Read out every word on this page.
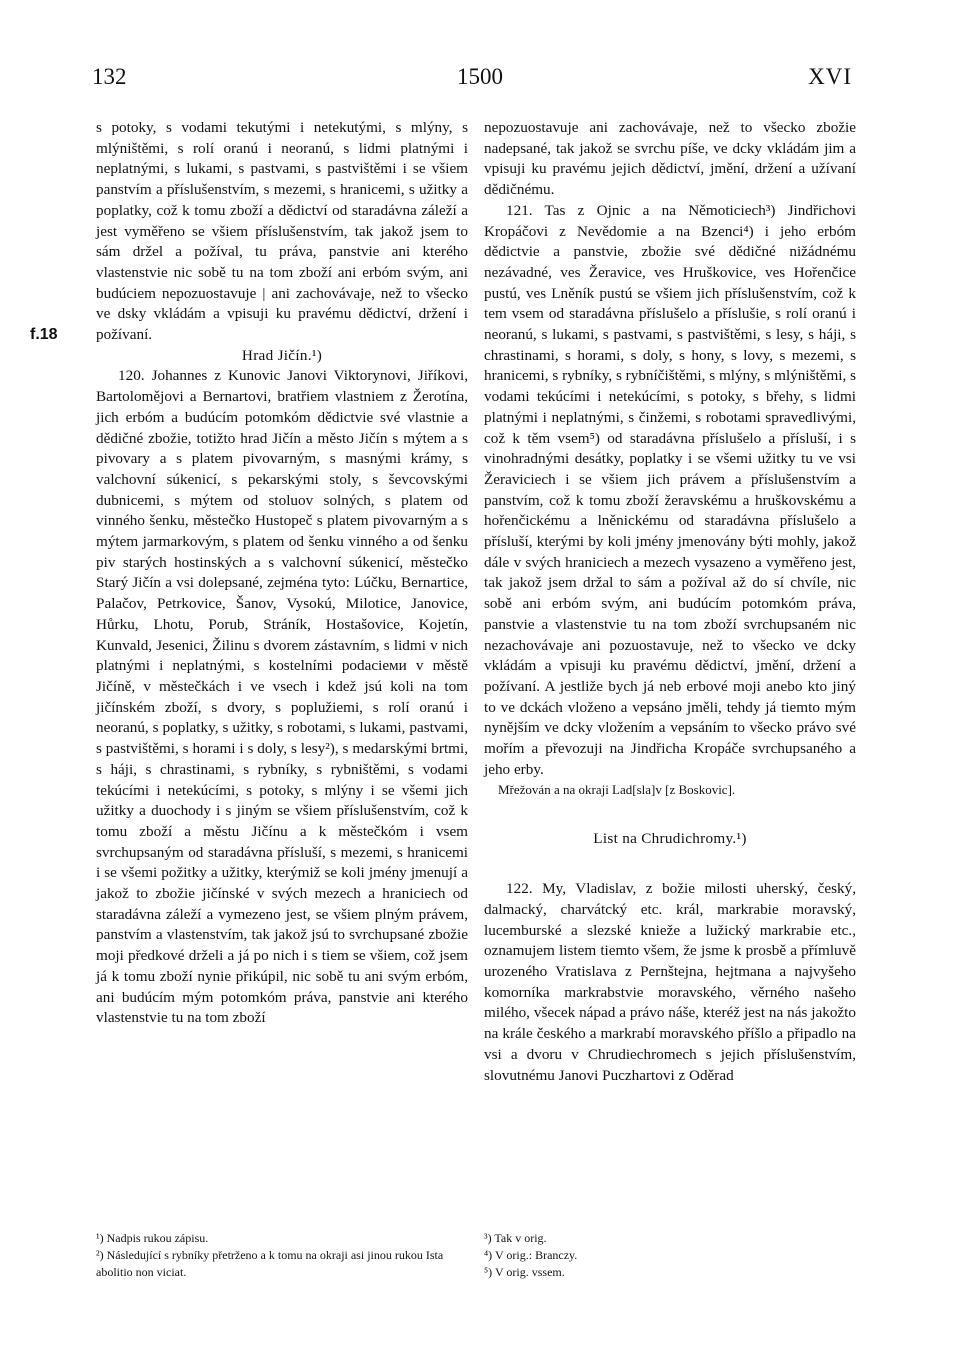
132	1500	XVI
f.18

s potoky, s vodami tekutými i netekutými, s mlýny, s mlýništěmi, s rolí oranú i neoranú, s lidmi platnými i neplatnými, s lukami, s pastvami, s pastvištěmi i se všiem panstvím a příslušenstvím, s mezemi, s hranicemi, s užitky a poplatky, což k tomu zboží a dědictví od staradávna záleží a jest vyměřeno se všiem příslušenstvím, tak jakož jsem to sám držel a požíval, tu práva, panstvie ani kterého vlastenstvie nic sobě tu na tom zboží ani erbóm svým, ani budúciem nepozuostavuje | ani zachovávaje, než to všecko ve dsky vkládám a vpisuji ku pravému dědictví, držení i požívaní.

Hrad Jičín.¹)

120. Johannes z Kunovic Janovi Viktorynovi, Jiříkovi, Bartolomějovi a Bernartovi, bratřiem vlastniem z Žerotína, jich erbóm a budúcím potomkóm dědictvie své vlastnie a dědičné zbožie, totižto hrad Jičín a město Jičín s mýtem a s pivovary a s platem pivovarným, s masnými krámy, s valchovní súkenicí, s pekarskými stoly, s ševcovskými dubnicemi, s mýtem od stoluov solných, s platem od vinného šenku, městečko Hustopeč s platem pivovarným a s mýtem jarmarkovým, s platem od šenku vinného a od šenku piv starých hostinských a s valchovní súkenicí, městečko Starý Jičín a vsi dolepsané, zejména tyto: Lúčku, Bernartice, Palačov, Petrkovice, Šanov, Vysokú, Milotice, Janovice, Hůrku, Lhotu, Porub, Stráník, Hostašovice, Kojetín, Kunvald, Jesenici, Žilinu s dvorem zástavním, s lidmi v nich platnými i neplatnými, s kostelními podacieми v městě Jičíně, v městečkách i ve vsech i kdež jsú koli na tom jičínském zboží, s dvory, s poplužiemi, s rolí oranú i neoranú, s poplatky, s užitky, s robotami, s lukami, pastvami, s pastvištěmi, s horami i s doly, s lesy²), s medarskými brtmi, s háji, s chrastinami, s rybníky, s rybništěmi, s vodami tekúcími i netekúcími, s potoky, s mlýny i se všemi jich užitky a duochody i s jiným se všiem příslušenstvím, což k tomu zboží a městu Jičínu a k městečkóm i vsem svrchupsaným od staradávna přísluší, s mezemi, s hranicemi i se všemi požitky a užitky, kterýmiž se koli jmény jmenují a jakož to zbožie jičínské v svých mezech a hraniciech od staradávna záleží a vymezeno jest, se všiem plným právem, panstvím a vlastenstvím, tak jakož jsú to svrchupsané zbožie moji předkové drželi a já po nich i s tiem se všiem, což jsem já k tomu zboží nynie přikúpil, nic sobě tu ani svým erbóm, ani budúcím mým potomkóm práva, panstvie ani kterého vlastenstvie tu na tom zboží

nepozuostavuje ani zachovávaje, než to všecko zbožie nadepsané, tak jakož se svrchu píše, ve dcky vkládám jim a vpisuji ku pravému jejich dědictví, jmění, držení a užívaní dědičnému.

121. Tas z Ojnic a na Němoticiech³) Jindřichovi Kropáčovi z Nevědomie a na Bzenci⁴) i jeho erbóm dědictvie a panstvie, zbožie své dědičné nižádnému nezávadné, ves Žeravice, ves Hruškovice, ves Hořenčice pustú, ves Lněník pustú se všiem jich příslušenstvím, což k tem vsem od staradávna příslušelo a příslušie, s rolí oranú i neoranú, s lukami, s pastvami, s pastvištěmi, s lesy, s háji, s chrastinami, s horami, s doly, s hony, s lovy, s mezemi, s hranicemi, s rybníky, s rybníčištěmi, s mlýny, s mlýništěmi, s vodami tekúcími i netekúcími, s potoky, s břehy, s lidmi platnými i neplatnými, s činžemi, s robotami spravedlivými, což k těm vsem⁵) od staradávna příslušelo a přísluší, i s vinohradnými desátky, poplatky i se všemi užitky tu ve vsi Žeraviciech i se všiem jich právem a příslušenstvím a panstvím, což k tomu zboží žeravskému a hruškovskému a hořenčickému a lněnickému od staradávna příslušelo a přísluší, kterými by koli jmény jmenovány býti mohly, jakož dále v svých hraniciech a mezech vysazeno a vyměřeno jest, tak jakož jsem držal to sám a požíval až do sí chvíle, nic sobě ani erbóm svým, ani budúcím potomkóm práva, panstvie a vlastenstvie tu na tom zboží svrchupsaném nic nezachovávaje ani pozuostavuje, než to všecko ve dcky vkládám a vpisuji ku pravému dědictví, jmění, držení a požívaní. A jestliže bych já neb erbové moji anebo kto jiný to ve dckách vloženo a vepsáno jměli, tehdy já tiemto mým nynějším ve dcky vložením a vepsáním to všecko právo své mořím a převozuji na Jindřicha Kropáče svrchupsaného a jeho erby.

Mřežován a na okraji Lad[sla]v [z Boskovic].

List na Chrudichromy.¹)

122. My, Vladislav, z božie milosti uherský, český, dalmacký, charvátcký etc. král, markrabie moravský, lucemburské a slezské knieže a lužický markrabie etc., oznamujem listem tiemto všem, že jsme k prosbě a přímluvě urozeného Vratislava z Pernštejna, hejtmana a najvyšeho komorníka markrabstvie moravského, věrného našeho milého, všecek nápad a právo náše, kteréž jest na nás jakožto na krále českého a markrabí moravského příšlo a připadlo na vsi a dvoru v Chrudiechromech s jejich příslušenstvím, slovutnému Janovi Puczhartovi z Oděrad

¹) Nadpis rukou zápisu.

²) Následující s rybníky přetrženo a k tomu na okraji asi jinou rukou Ista abolitio non viciat.

³) Tak v orig.

⁴) V orig.: Branczy.

⁵) V orig. vssem.
